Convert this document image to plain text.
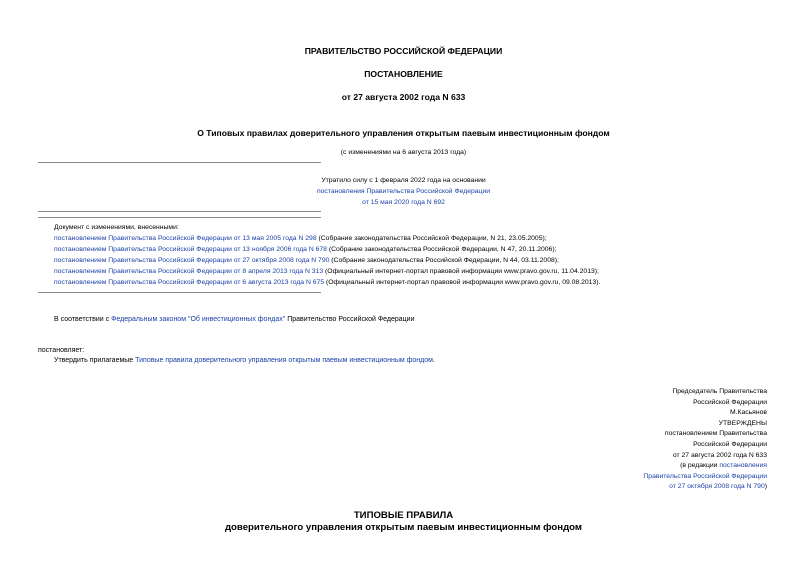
ПРАВИТЕЛЬСТВО РОССИЙСКОЙ ФЕДЕРАЦИИ
ПОСТАНОВЛЕНИЕ
от 27 августа 2002 года N 633
О Типовых правилах доверительного управления открытым паевым инвестиционным фондом
(с изменениями на 6 августа 2013 года)
Утратило силу с 1 февраля 2022 года на основании
постановления Правительства Российской Федерации
от 15 мая 2020 года N 692
Документ с изменениями, внесенными:
постановлением Правительства Российской Федерации от 13 мая 2005 года N 298 (Собрание законодательства Российской Федерации, N 21, 23.05.2005);
постановлением Правительства Российской Федерации от 13 ноября 2006 года N 678 (Собрание законодательства Российской Федерации, N 47, 20.11.2006);
постановлением Правительства Российской Федерации от 27 октября 2008 года N 790 (Собрание законодательства Российской Федерации, N 44, 03.11.2008);
постановлением Правительства Российской Федерации от 8 апреля 2013 года N 313 (Официальный интернет-портал правовой информации www.pravo.gov.ru, 11.04.2013);
постановлением Правительства Российской Федерации от 6 августа 2013 года N 675 (Официальный интернет-портал правовой информации www.pravo.gov.ru, 09.08.2013).
В соответствии с Федеральным законом "Об инвестиционных фондах" Правительство Российской Федерации
постановляет:
Утвердить прилагаемые Типовые правила доверительного управления открытым паевым инвестиционным фондом.
Председатель Правительства
Российской Федерации
М.Касьянов
УТВЕРЖДЕНЫ
постановлением Правительства
Российской Федерации
от 27 августа 2002 года N 633
(в редакции постановления
Правительства Российской Федерации
от 27 октября 2008 года N 790)
ТИПОВЫЕ ПРАВИЛА
доверительного управления открытым паевым инвестиционным фондом
